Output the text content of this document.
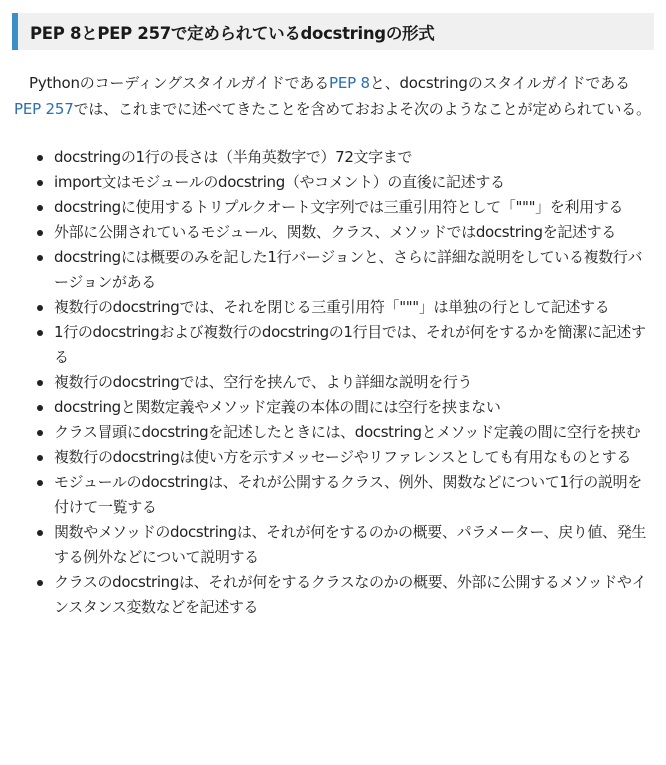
PEP 8とPEP 257で定められているdocstringの形式

PythonのコーディングスタイルガイドであるPEP 8と、docstringのスタイルガイドであるPEP 257では、これまでに述べてきたことを含めておおよそ次のようなことが定められている。

docstringの1行の長さは（半角英数字で）72文字まで
import文はモジュールのdocstring（やコメント）の直後に記述する
docstringに使用するトリプルクオート文字列では三重引用符として「"""」を利用する
外部に公開されているモジュール、関数、クラス、メソッドではdocstringを記述する
docstringには概要のみを記した1行バージョンと、さらに詳細な説明をしている複数行バージョンがある
複数行のdocstringでは、それを閉じる三重引用符「"""」は単独の行として記述する
1行のdocstringおよび複数行のdocstringの1行目では、それが何をするかを簡潔に記述する
複数行のdocstringでは、空行を挟んで、より詳細な説明を行う
docstringと関数定義やメソッド定義の本体の間には空行を挟まない
クラス冒頭にdocstringを記述したときには、docstringとメソッド定義の間に空行を挟む
複数行のdocstringは使い方を示すメッセージやリファレンスとしても有用なものとする
モジュールのdocstringは、それが公開するクラス、例外、関数などについて1行の説明を付けて一覧する
関数やメソッドのdocstringは、それが何をするのかの概要、パラメーター、戻り値、発生する例外などについて説明する
クラスのdocstringは、それが何をするクラスなのかの概要、外部に公開するメソッドやインスタンス変数などを記述する
